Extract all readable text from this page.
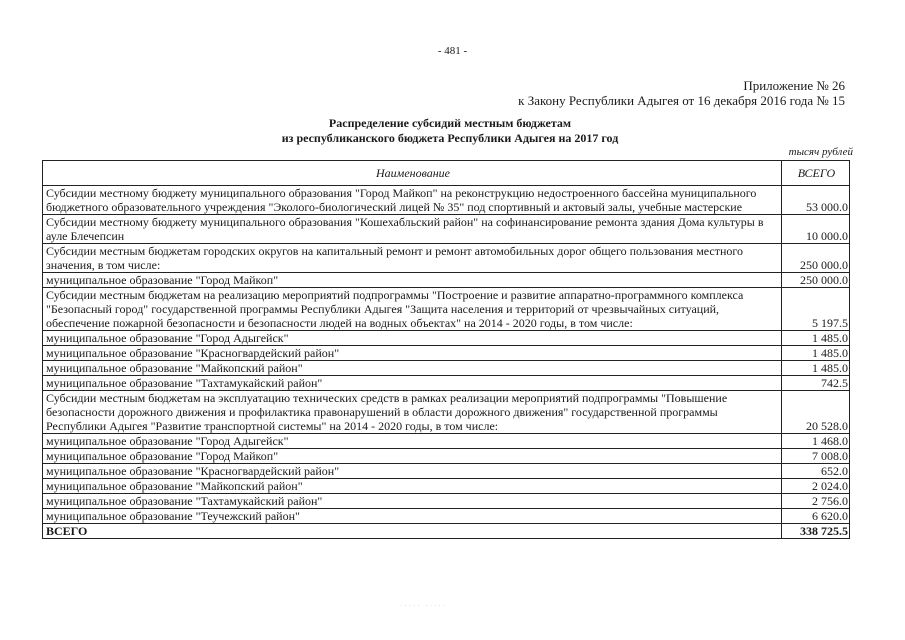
- 481 -
Приложение № 26
к Закону Республики Адыгея от 16 декабря 2016 года № 15
Распределение субсидий местным бюджетам
из республиканского бюджета Республики Адыгея на 2017 год
тысяч рублей
Наименование	ВСЕГО
Субсидии местному бюджету муниципального образования "Город Майкоп" на реконструкцию недостроенного бассейна муниципального бюджетного образовательного учреждения "Эколого-биологический лицей № 35" под спортивный и актовый залы, учебные мастерские	53 000.0
Субсидии местному бюджету муниципального образования "Кошехабльский район" на софинансирование ремонта здания Дома культуры в ауле Блечепсин	10 000.0
Субсидии местным бюджетам городских округов на капитальный ремонт и ремонт автомобильных дорог общего пользования местного значения, в том числе:	250 000.0
муниципальное образование "Город Майкоп"	250 000.0
Субсидии местным бюджетам на реализацию мероприятий подпрограммы "Построение и развитие аппаратно-программного комплекса "Безопасный город" государственной программы Республики Адыгея "Защита населения и территорий от чрезвычайных ситуаций, обеспечение пожарной безопасности и безопасности людей на водных объектах" на 2014 - 2020 годы, в том числе:	5 197.5
муниципальное образование "Город Адыгейск"	1 485.0
муниципальное образование "Красногвардейский район"	1 485.0
муниципальное образование "Майкопский район"	1 485.0
муниципальное образование "Тахтамукайский район"	742.5
Субсидии местным бюджетам на эксплуатацию технических средств в рамках реализации мероприятий подпрограммы "Повышение безопасности дорожного движения и профилактика правонарушений в области дорожного движения" государственной программы Республики Адыгея "Развитие транспортной системы" на 2014 - 2020 годы, в том числе:	20 528.0
муниципальное образование "Город Адыгейск"	1 468.0
муниципальное образование "Город Майкоп"	7 008.0
муниципальное образование "Красногвардейский район"	652.0
муниципальное образование "Майкопский район"	2 024.0
муниципальное образование "Тахтамукайский район"	2 756.0
муниципальное образование "Теучежский район"	6 620.0
ВСЕГО	338 725.5
····· ·····
